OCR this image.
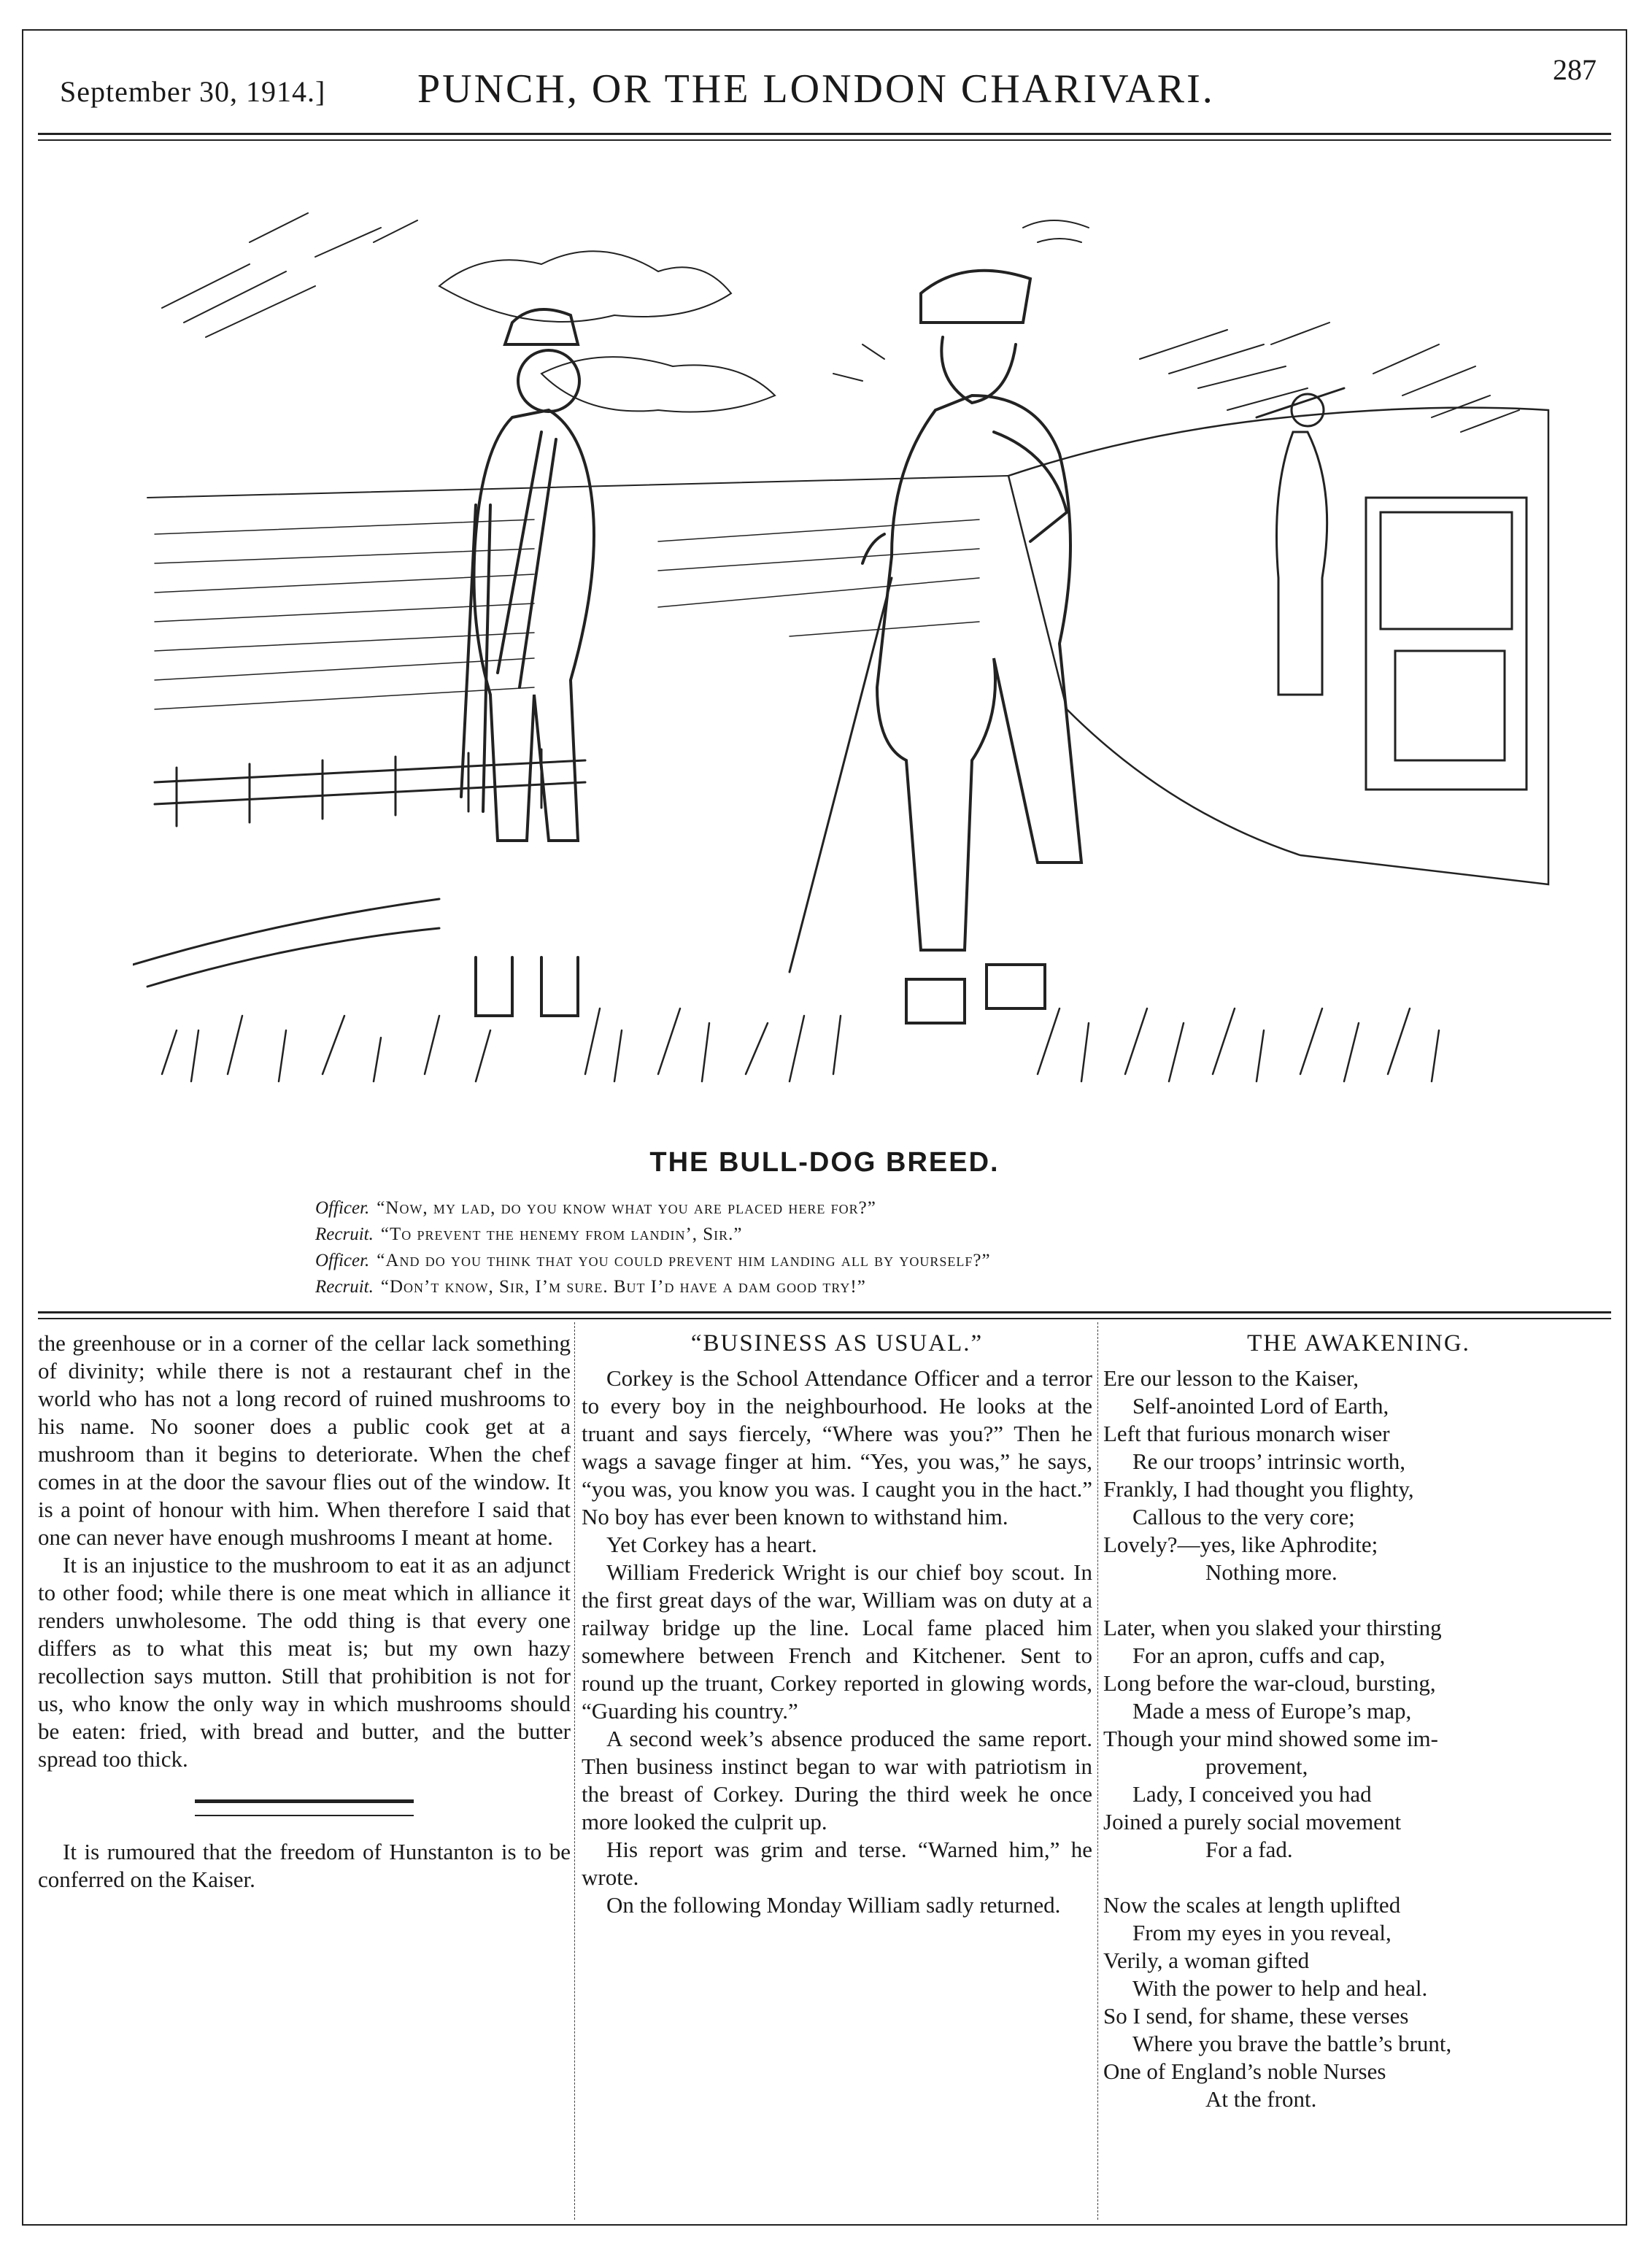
September 30, 1914.] PUNCH, OR THE LONDON CHARIVARI.	287
THE BULL-DOG BREED.
Officer. “Now, my lad, do you know what you are placed here for?”
Recruit. “To prevent the henemy from landin’, Sir.”
Officer. “And do you think that you could prevent him landing all by yourself?”
Recruit. “Don’t know, Sir, I’m sure. But I’d have a dam good try!”

the greenhouse or in a corner of the cellar lack something of divinity; while there is not a restaurant chef in the world who has not a long record of ruined mushrooms to his name. No sooner does a public cook get at a mushroom than it begins to deteriorate. When the chef comes in at the door the savour flies out of the window. It is a point of honour with him. When therefore I said that one can never have enough mushrooms I meant at home.

It is an injustice to the mushroom to eat it as an adjunct to other food; while there is one meat which in alliance it renders unwholesome. The odd thing is that every one differs as to what this meat is; but my own hazy recollection says mutton. Still that prohibition is not for us, who know the only way in which mushrooms should be eaten: fried, with bread and butter, and the butter spread too thick.

It is rumoured that the freedom of Hunstanton is to be conferred on the Kaiser.

“BUSINESS AS USUAL.”

Corkey is the School Attendance Officer and a terror to every boy in the neighbourhood. He looks at the truant and says fiercely, “Where was you?” Then he wags a savage finger at him. “Yes, you was,” he says, “you was, you know you was. I caught you in the hact.” No boy has ever been known to withstand him.

Yet Corkey has a heart.

William Frederick Wright is our chief boy scout. In the first great days of the war, William was on duty at a railway bridge up the line. Local fame placed him somewhere between French and Kitchener. Sent to round up the truant, Corkey reported in glowing words, “Guarding his country.”

A second week’s absence produced the same report. Then business instinct began to war with patriotism in the breast of Corkey. During the third week he once more looked the culprit up.

His report was grim and terse. “Warned him,” he wrote.

On the following Monday William sadly returned.

THE AWAKENING.

Ere our lesson to the Kaiser,

Self-anointed Lord of Earth,

Left that furious monarch wiser

Re our troops’ intrinsic worth,

Frankly, I had thought you flighty,

Callous to the very core;

Lovely?—yes, like Aphrodite;

Nothing more.

Later, when you slaked your thirsting

For an apron, cuffs and cap,

Long before the war-cloud, bursting,

Made a mess of Europe’s map,

Though your mind showed some im-

provement,

Lady, I conceived you had

Joined a purely social movement

For a fad.

Now the scales at length uplifted

From my eyes in you reveal,

Verily, a woman gifted

With the power to help and heal.

So I send, for shame, these verses

Where you brave the battle’s brunt,

One of England’s noble Nurses

At the front.
